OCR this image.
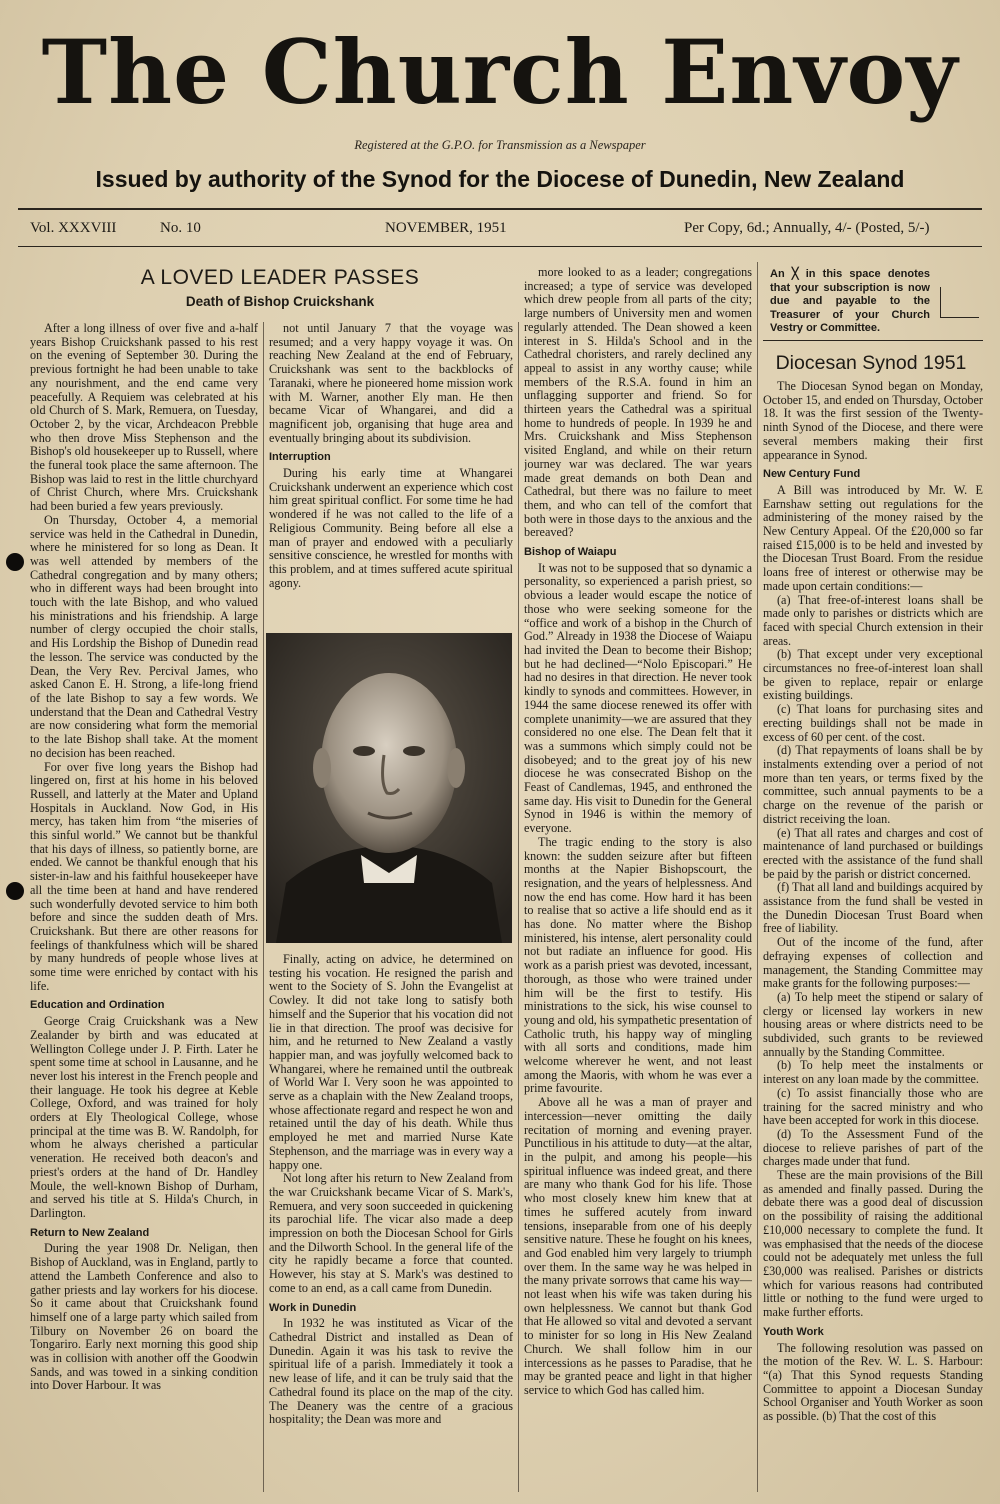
The Church Envoy
Registered at the G.P.O. for Transmission as a Newspaper
Issued by authority of the Synod for the Diocese of Dunedin, New Zealand
Vol. XXXVIII	No. 10	NOVEMBER, 1951	Per Copy, 6d.; Annually, 4/- (Posted, 5/-)
A LOVED LEADER PASSES
Death of Bishop Cruickshank

After a long illness of over five and a-half years Bishop Cruickshank passed to his rest on the evening of September 30. During the previous fortnight he had been unable to take any nourishment, and the end came very peacefully. A Requiem was celebrated at his old Church of S. Mark, Remuera, on Tuesday, October 2, by the vicar, Archdeacon Prebble who then drove Miss Stephenson and the Bishop's old housekeeper up to Russell, where the funeral took place the same afternoon. The Bishop was laid to rest in the little churchyard of Christ Church, where Mrs. Cruickshank had been buried a few years previously.

On Thursday, October 4, a memorial service was held in the Cathedral in Dunedin, where he ministered for so long as Dean. It was well attended by members of the Cathedral congregation and by many others; who in different ways had been brought into touch with the late Bishop, and who valued his ministrations and his friendship. A large number of clergy occupied the choir stalls, and His Lordship the Bishop of Dunedin read the lesson. The service was conducted by the Dean, the Very Rev. Percival James, who asked Canon E. H. Strong, a life-long friend of the late Bishop to say a few words. We understand that the Dean and Cathedral Vestry are now considering what form the memorial to the late Bishop shall take. At the moment no decision has been reached.

For over five long years the Bishop had lingered on, first at his home in his beloved Russell, and latterly at the Mater and Upland Hospitals in Auckland. Now God, in His mercy, has taken him from “the miseries of this sinful world.” We cannot but be thankful that his days of illness, so patiently borne, are ended. We cannot be thankful enough that his sister-in-law and his faithful housekeeper have all the time been at hand and have rendered such wonderfully devoted service to him both before and since the sudden death of Mrs. Cruickshank. But there are other reasons for feelings of thankfulness which will be shared by many hundreds of people whose lives at some time were enriched by contact with his life.

Education and Ordination

George Craig Cruickshank was a New Zealander by birth and was educated at Wellington College under J. P. Firth. Later he spent some time at school in Lausanne, and he never lost his interest in the French people and their language. He took his degree at Keble College, Oxford, and was trained for holy orders at Ely Theological College, whose principal at the time was B. W. Randolph, for whom he always cherished a particular veneration. He received both deacon's and priest's orders at the hand of Dr. Handley Moule, the well-known Bishop of Durham, and served his title at S. Hilda's Church, in Darlington.

Return to New Zealand

During the year 1908 Dr. Neligan, then Bishop of Auckland, was in England, partly to attend the Lambeth Conference and also to gather priests and lay workers for his diocese. So it came about that Cruickshank found himself one of a large party which sailed from Tilbury on November 26 on board the Tongariro. Early next morning this good ship was in collision with another off the Goodwin Sands, and was towed in a sinking condition into Dover Harbour. It was

not until January 7 that the voyage was resumed; and a very happy voyage it was. On reaching New Zealand at the end of February, Cruickshank was sent to the backblocks of Taranaki, where he pioneered home mission work with M. Warner, another Ely man. He then became Vicar of Whangarei, and did a magnificent job, organising that huge area and eventually bringing about its subdivision.

Interruption

During his early time at Whangarei Cruickshank underwent an experience which cost him great spiritual conflict. For some time he had wondered if he was not called to the life of a Religious Community. Being before all else a man of prayer and endowed with a peculiarly sensitive conscience, he wrestled for months with this problem, and at times suffered acute spiritual agony.

Finally, acting on advice, he determined on testing his vocation. He resigned the parish and went to the Society of S. John the Evangelist at Cowley. It did not take long to satisfy both himself and the Superior that his vocation did not lie in that direction. The proof was decisive for him, and he returned to New Zealand a vastly happier man, and was joyfully welcomed back to Whangarei, where he remained until the outbreak of World War I. Very soon he was appointed to serve as a chaplain with the New Zealand troops, whose affectionate regard and respect he won and retained until the day of his death. While thus employed he met and married Nurse Kate Stephenson, and the marriage was in every way a happy one.

Not long after his return to New Zealand from the war Cruickshank became Vicar of S. Mark's, Remuera, and very soon succeeded in quickening its parochial life. The vicar also made a deep impression on both the Diocesan School for Girls and the Dilworth School. In the general life of the city he rapidly became a force that counted. However, his stay at S. Mark's was destined to come to an end, as a call came from Dunedin.

Work in Dunedin

In 1932 he was instituted as Vicar of the Cathedral District and installed as Dean of Dunedin. Again it was his task to revive the spiritual life of a parish. Immediately it took a new lease of life, and it can be truly said that the Cathedral found its place on the map of the city. The Deanery was the centre of a gracious hospitality; the Dean was more and

more looked to as a leader; congregations increased; a type of service was developed which drew people from all parts of the city; large numbers of University men and women regularly attended. The Dean showed a keen interest in S. Hilda's School and in the Cathedral choristers, and rarely declined any appeal to assist in any worthy cause; while members of the R.S.A. found in him an unflagging supporter and friend. So for thirteen years the Cathedral was a spiritual home to hundreds of people. In 1939 he and Mrs. Cruickshank and Miss Stephenson visited England, and while on their return journey war was declared. The war years made great demands on both Dean and Cathedral, but there was no failure to meet them, and who can tell of the comfort that both were in those days to the anxious and the bereaved?

Bishop of Waiapu

It was not to be supposed that so dynamic a personality, so experienced a parish priest, so obvious a leader would escape the notice of those who were seeking someone for the “office and work of a bishop in the Church of God.” Already in 1938 the Diocese of Waiapu had invited the Dean to become their Bishop; but he had declined—“Nolo Episcopari.” He had no desires in that direction. He never took kindly to synods and committees. However, in 1944 the same diocese renewed its offer with complete unanimity—we are assured that they considered no one else. The Dean felt that it was a summons which simply could not be disobeyed; and to the great joy of his new diocese he was consecrated Bishop on the Feast of Candlemas, 1945, and enthroned the same day. His visit to Dunedin for the General Synod in 1946 is within the memory of everyone.

The tragic ending to the story is also known: the sudden seizure after but fifteen months at the Napier Bishopscourt, the resignation, and the years of helplessness. And now the end has come. How hard it has been to realise that so active a life should end as it has done. No matter where the Bishop ministered, his intense, alert personality could not but radiate an influence for good. His work as a parish priest was devoted, incessant, thorough, as those who were trained under him will be the first to testify. His ministrations to the sick, his wise counsel to young and old, his sympathetic presentation of Catholic truth, his happy way of mingling with all sorts and conditions, made him welcome wherever he went, and not least among the Maoris, with whom he was ever a prime favourite.

Above all he was a man of prayer and intercession—never omitting the daily recitation of morning and evening prayer. Punctilious in his attitude to duty—at the altar, in the pulpit, and among his people—his spiritual influence was indeed great, and there are many who thank God for his life. Those who most closely knew him knew that at times he suffered acutely from inward tensions, inseparable from one of his deeply sensitive nature. These he fought on his knees, and God enabled him very largely to triumph over them. In the same way he was helped in the many private sorrows that came his way—not least when his wife was taken during his own helplessness. We cannot but thank God that He allowed so vital and devoted a servant to minister for so long in His New Zealand Church. We shall follow him in our intercessions as he passes to Paradise, that he may be granted peace and light in that higher service to which God has called him.

An ╳ in this space denotes that your subscription is now due and payable to the Treasurer of your Church Vestry or Committee.
Diocesan Synod 1951

The Diocesan Synod began on Monday, October 15, and ended on Thursday, October 18. It was the first session of the Twenty-ninth Synod of the Diocese, and there were several members making their first appearance in Synod.

New Century Fund

A Bill was introduced by Mr. W. E Earnshaw setting out regulations for the administering of the money raised by the New Century Appeal. Of the £20,000 so far raised £15,000 is to be held and invested by the Diocesan Trust Board. From the residue loans free of interest or otherwise may be made upon certain conditions:—

(a) That free-of-interest loans shall be made only to parishes or districts which are faced with special Church extension in their areas.

(b) That except under very exceptional circumstances no free-of-interest loan shall be given to replace, repair or enlarge existing buildings.

(c) That loans for purchasing sites and erecting buildings shall not be made in excess of 60 per cent. of the cost.

(d) That repayments of loans shall be by instalments extending over a period of not more than ten years, or terms fixed by the committee, such annual payments to be a charge on the revenue of the parish or district receiving the loan.

(e) That all rates and charges and cost of maintenance of land purchased or buildings erected with the assistance of the fund shall be paid by the parish or district concerned.

(f) That all land and buildings acquired by assistance from the fund shall be vested in the Dunedin Diocesan Trust Board when free of liability.

Out of the income of the fund, after defraying expenses of collection and management, the Standing Committee may make grants for the following purposes:—

(a) To help meet the stipend or salary of clergy or licensed lay workers in new housing areas or where districts need to be subdivided, such grants to be reviewed annually by the Standing Committee.

(b) To help meet the instalments or interest on any loan made by the committee.

(c) To assist financially those who are training for the sacred ministry and who have been accepted for work in this diocese.

(d) To the Assessment Fund of the diocese to relieve parishes of part of the charges made under that fund.

These are the main provisions of the Bill as amended and finally passed. During the debate there was a good deal of discussion on the possibility of raising the additional £10,000 necessary to complete the fund. It was emphasised that the needs of the diocese could not be adequately met unless the full £30,000 was realised. Parishes or districts which for various reasons had contributed little or nothing to the fund were urged to make further efforts.

Youth Work

The following resolution was passed on the motion of the Rev. W. L. S. Harbour: “(a) That this Synod requests Standing Committee to appoint a Diocesan Sunday School Organiser and Youth Worker as soon as possible. (b) That the cost of this
